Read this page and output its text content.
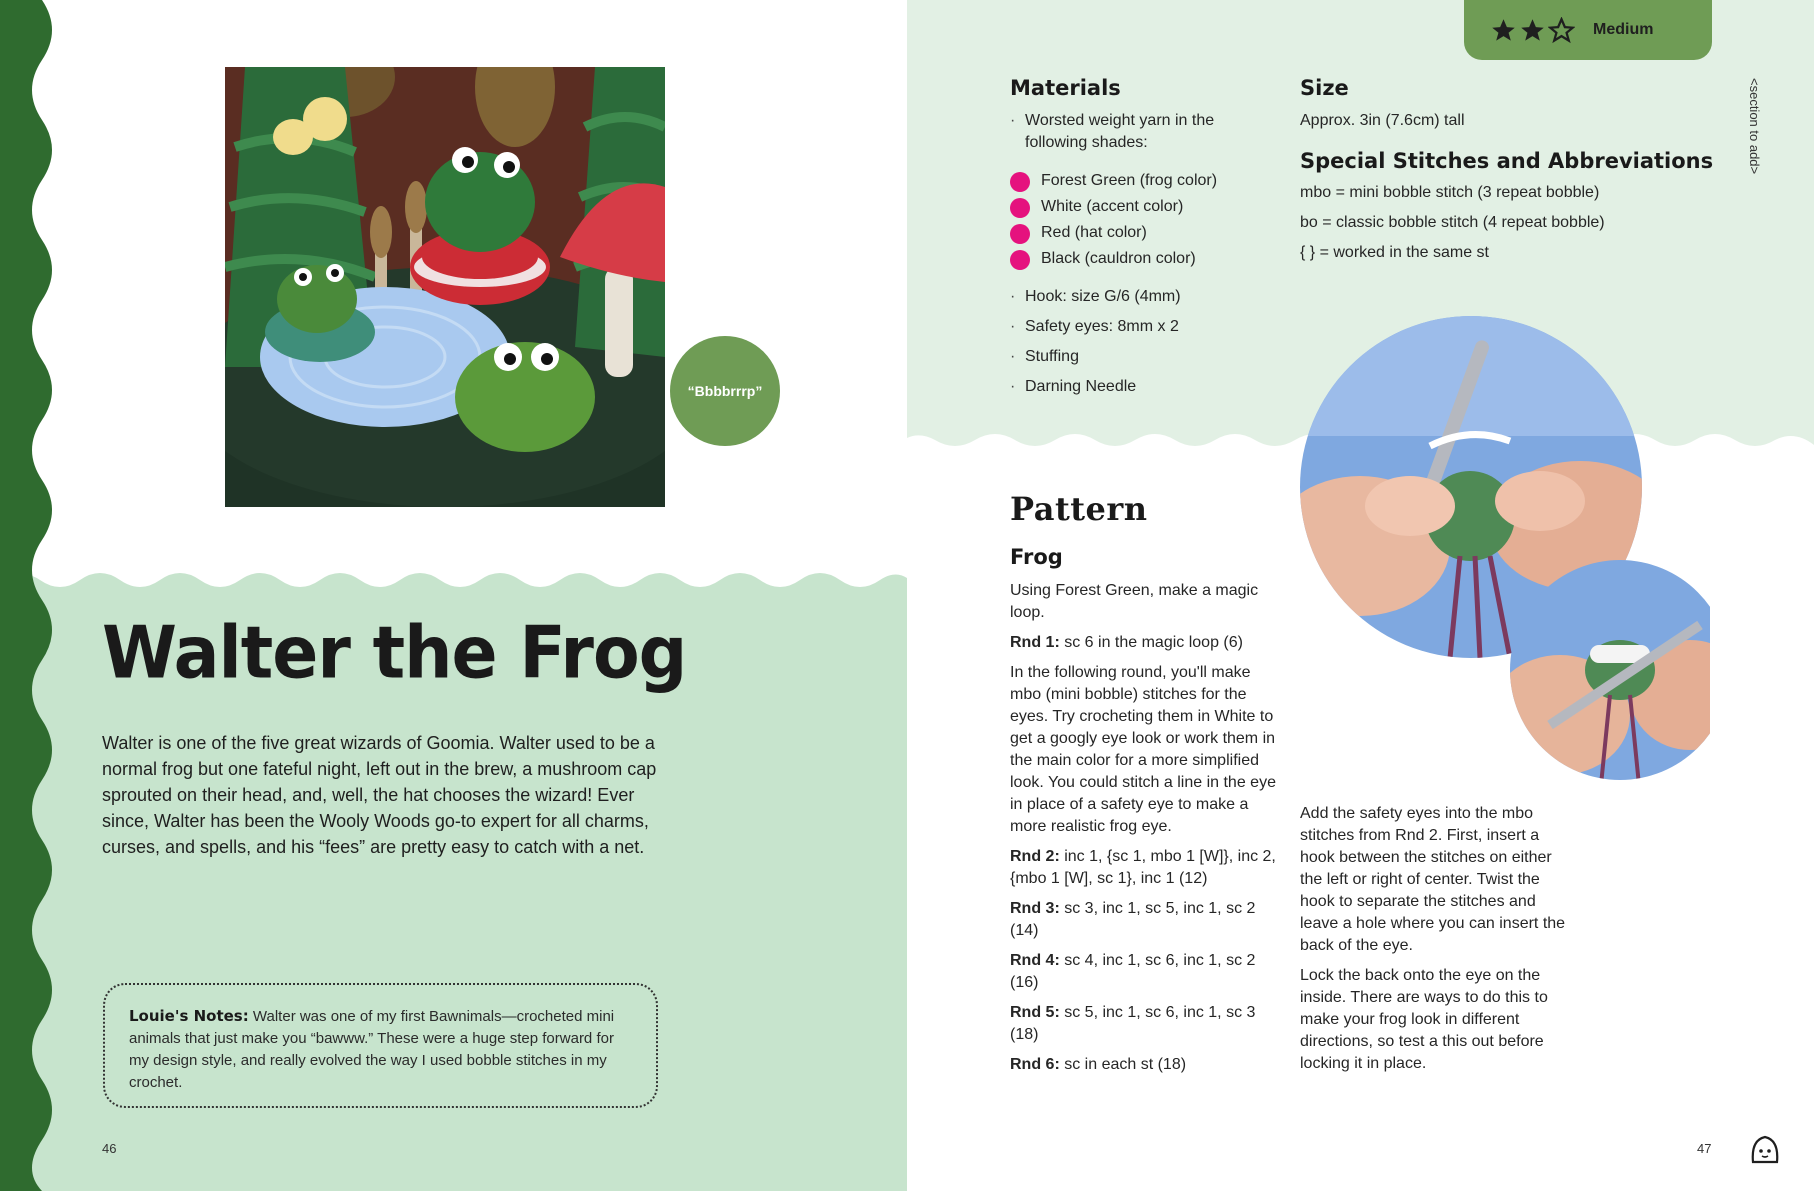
“Bbbbrrrp”
Walter the Frog
Walter is one of the five great wizards of Goomia. Walter used to be a normal frog but one fateful night, left out in the brew, a mushroom cap sprouted on their head, and, well, the hat chooses the wizard! Ever since, Walter has been the Wooly Woods go-to expert for all charms, curses, and spells, and his “fees” are pretty easy to catch with a net.
Louie's Notes: Walter was one of my first Bawnimals—crocheted mini animals that just make you “bawww.” These were a huge step forward for my design style, and really evolved the way I used bobble stitches in my crochet.
46
Medium
Materials
· Worsted weight yarn in the following shades:
Forest Green (frog color)
White (accent color)
Red (hat color)
Black (cauldron color)
· Hook: size G/6 (4mm)
· Safety eyes: 8mm x 2
· Stuffing
· Darning Needle
Size
Approx. 3in (7.6cm) tall
Special Stitches and Abbreviations
mbo = mini bobble stitch (3 repeat bobble)
bo = classic bobble stitch (4 repeat bobble)
{ } = worked in the same st
<section to add>
Pattern
Frog

Using Forest Green, make a magic loop.

Rnd 1: sc 6 in the magic loop (6)

In the following round, you'll make mbo (mini bobble) stitches for the eyes. Try crocheting them in White to get a googly eye look or work them in the main color for a more simplified look. You could stitch a line in the eye in place of a safety eye to make a more realistic frog eye.

Rnd 2: inc 1, {sc 1, mbo 1 [W]}, inc 2, {mbo 1 [W], sc 1}, inc 1 (12)

Rnd 3: sc 3, inc 1, sc 5, inc 1, sc 2 (14)

Rnd 4: sc 4, inc 1, sc 6, inc 1, sc 2 (16)

Rnd 5: sc 5, inc 1, sc 6, inc 1, sc 3 (18)

Rnd 6: sc in each st (18)

Add the safety eyes into the mbo stitches from Rnd 2. First, insert a hook between the stitches on either the left or right of center. Twist the hook to separate the stitches and leave a hole where you can insert the back of the eye.

Lock the back onto the eye on the inside. There are ways to do this to make your frog look in different directions, so test a this out before locking it in place.

47
